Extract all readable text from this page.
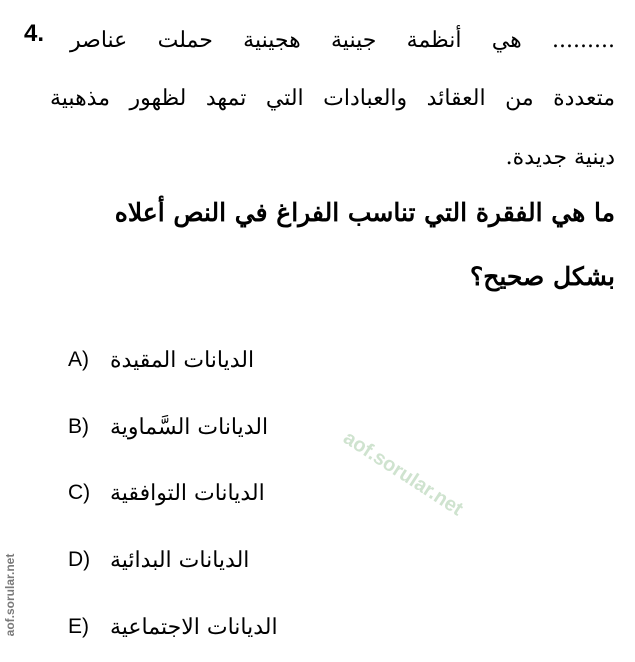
4. ......... هي أنظمة جينية هجينية حملت عناصر
متعددة من العقائد والعبادات التي تمهد لظهور مذهبية
دينية جديدة.
ما هي الفقرة التي تناسب الفراغ في النص أعلاه
بشكل صحيح؟
A) الديانات المقيدة
B) الديانات السَّماوية
C) الديانات التوافقية
D) الديانات البدائية
E) الديانات الاجتماعية
aof.sorular.net
aof.sorular.net
